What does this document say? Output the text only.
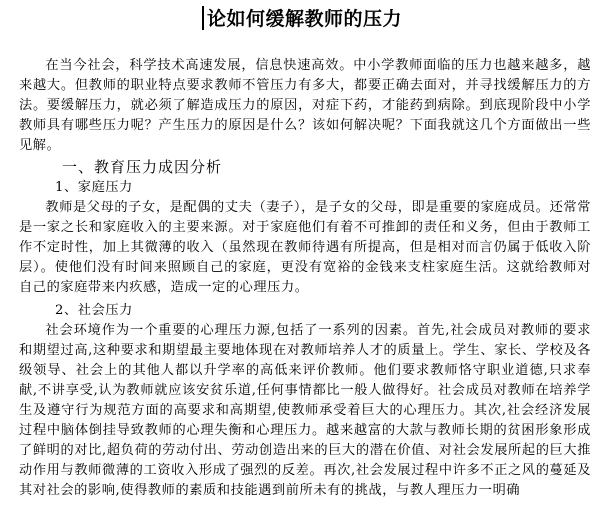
论如何缓解教师的压力

在当今社会，科学技术高速发展，信息快速高效。中小学教师面临的压力也越来越多，越来越大。但教师的职业特点要求教师不管压力有多大，都要正确去面对，并寻找缓解压力的方法。要缓解压力，就必须了解造成压力的原因，对症下药，才能药到病除。到底现阶段中小学教师具有哪些压力呢？产生压力的原因是什么？该如何解决呢？下面我就这几个方面做出一些见解。

一、教育压力成因分析

1、家庭压力

教师是父母的子女，是配偶的丈夫（妻子），是子女的父母，即是重要的家庭成员。还常常是一家之长和家庭收入的主要来源。对于家庭他们有着不可推卸的责任和义务，但由于教师工作不定时性，加上其微薄的收入（虽然现在教师待遇有所提高，但是相对而言仍属于低收入阶层）。使他们没有时间来照顾自己的家庭，更没有宽裕的金钱来支柱家庭生活。这就给教师对自己的家庭带来内疚感，造成一定的心理压力。

2、社会压力

社会环境作为一个重要的心理压力源,包括了一系列的因素。首先,社会成员对教师的要求和期望过高,这种要求和期望最主要地体现在对教师培养人才的质量上。学生、家长、学校及各级领导、社会上的其他人都以升学率的高低来评价教师。他们要求教师恪守职业道德,只求奉献,不讲享受,认为教师就应该安贫乐道,任何事情都比一般人做得好。社会成员对教师在培养学生及遵守行为规范方面的高要求和高期望,使教师承受着巨大的心理压力。其次,社会经济发展过程中脑体倒挂导致教师的心理失衡和心理压力。越来越富的大款与教师长期的贫困形象形成了鲜明的对比,超负荷的劳动付出、劳动创造出来的巨大的潜在价值、对社会发展所起的巨大推动作用与教师微薄的工资收入形成了强烈的反差。再次,社会发展过程中许多不正之风的蔓延及其对社会的影响,使得教师的素质和技能遇到前所未有的挑战，与教人理压力一明确
